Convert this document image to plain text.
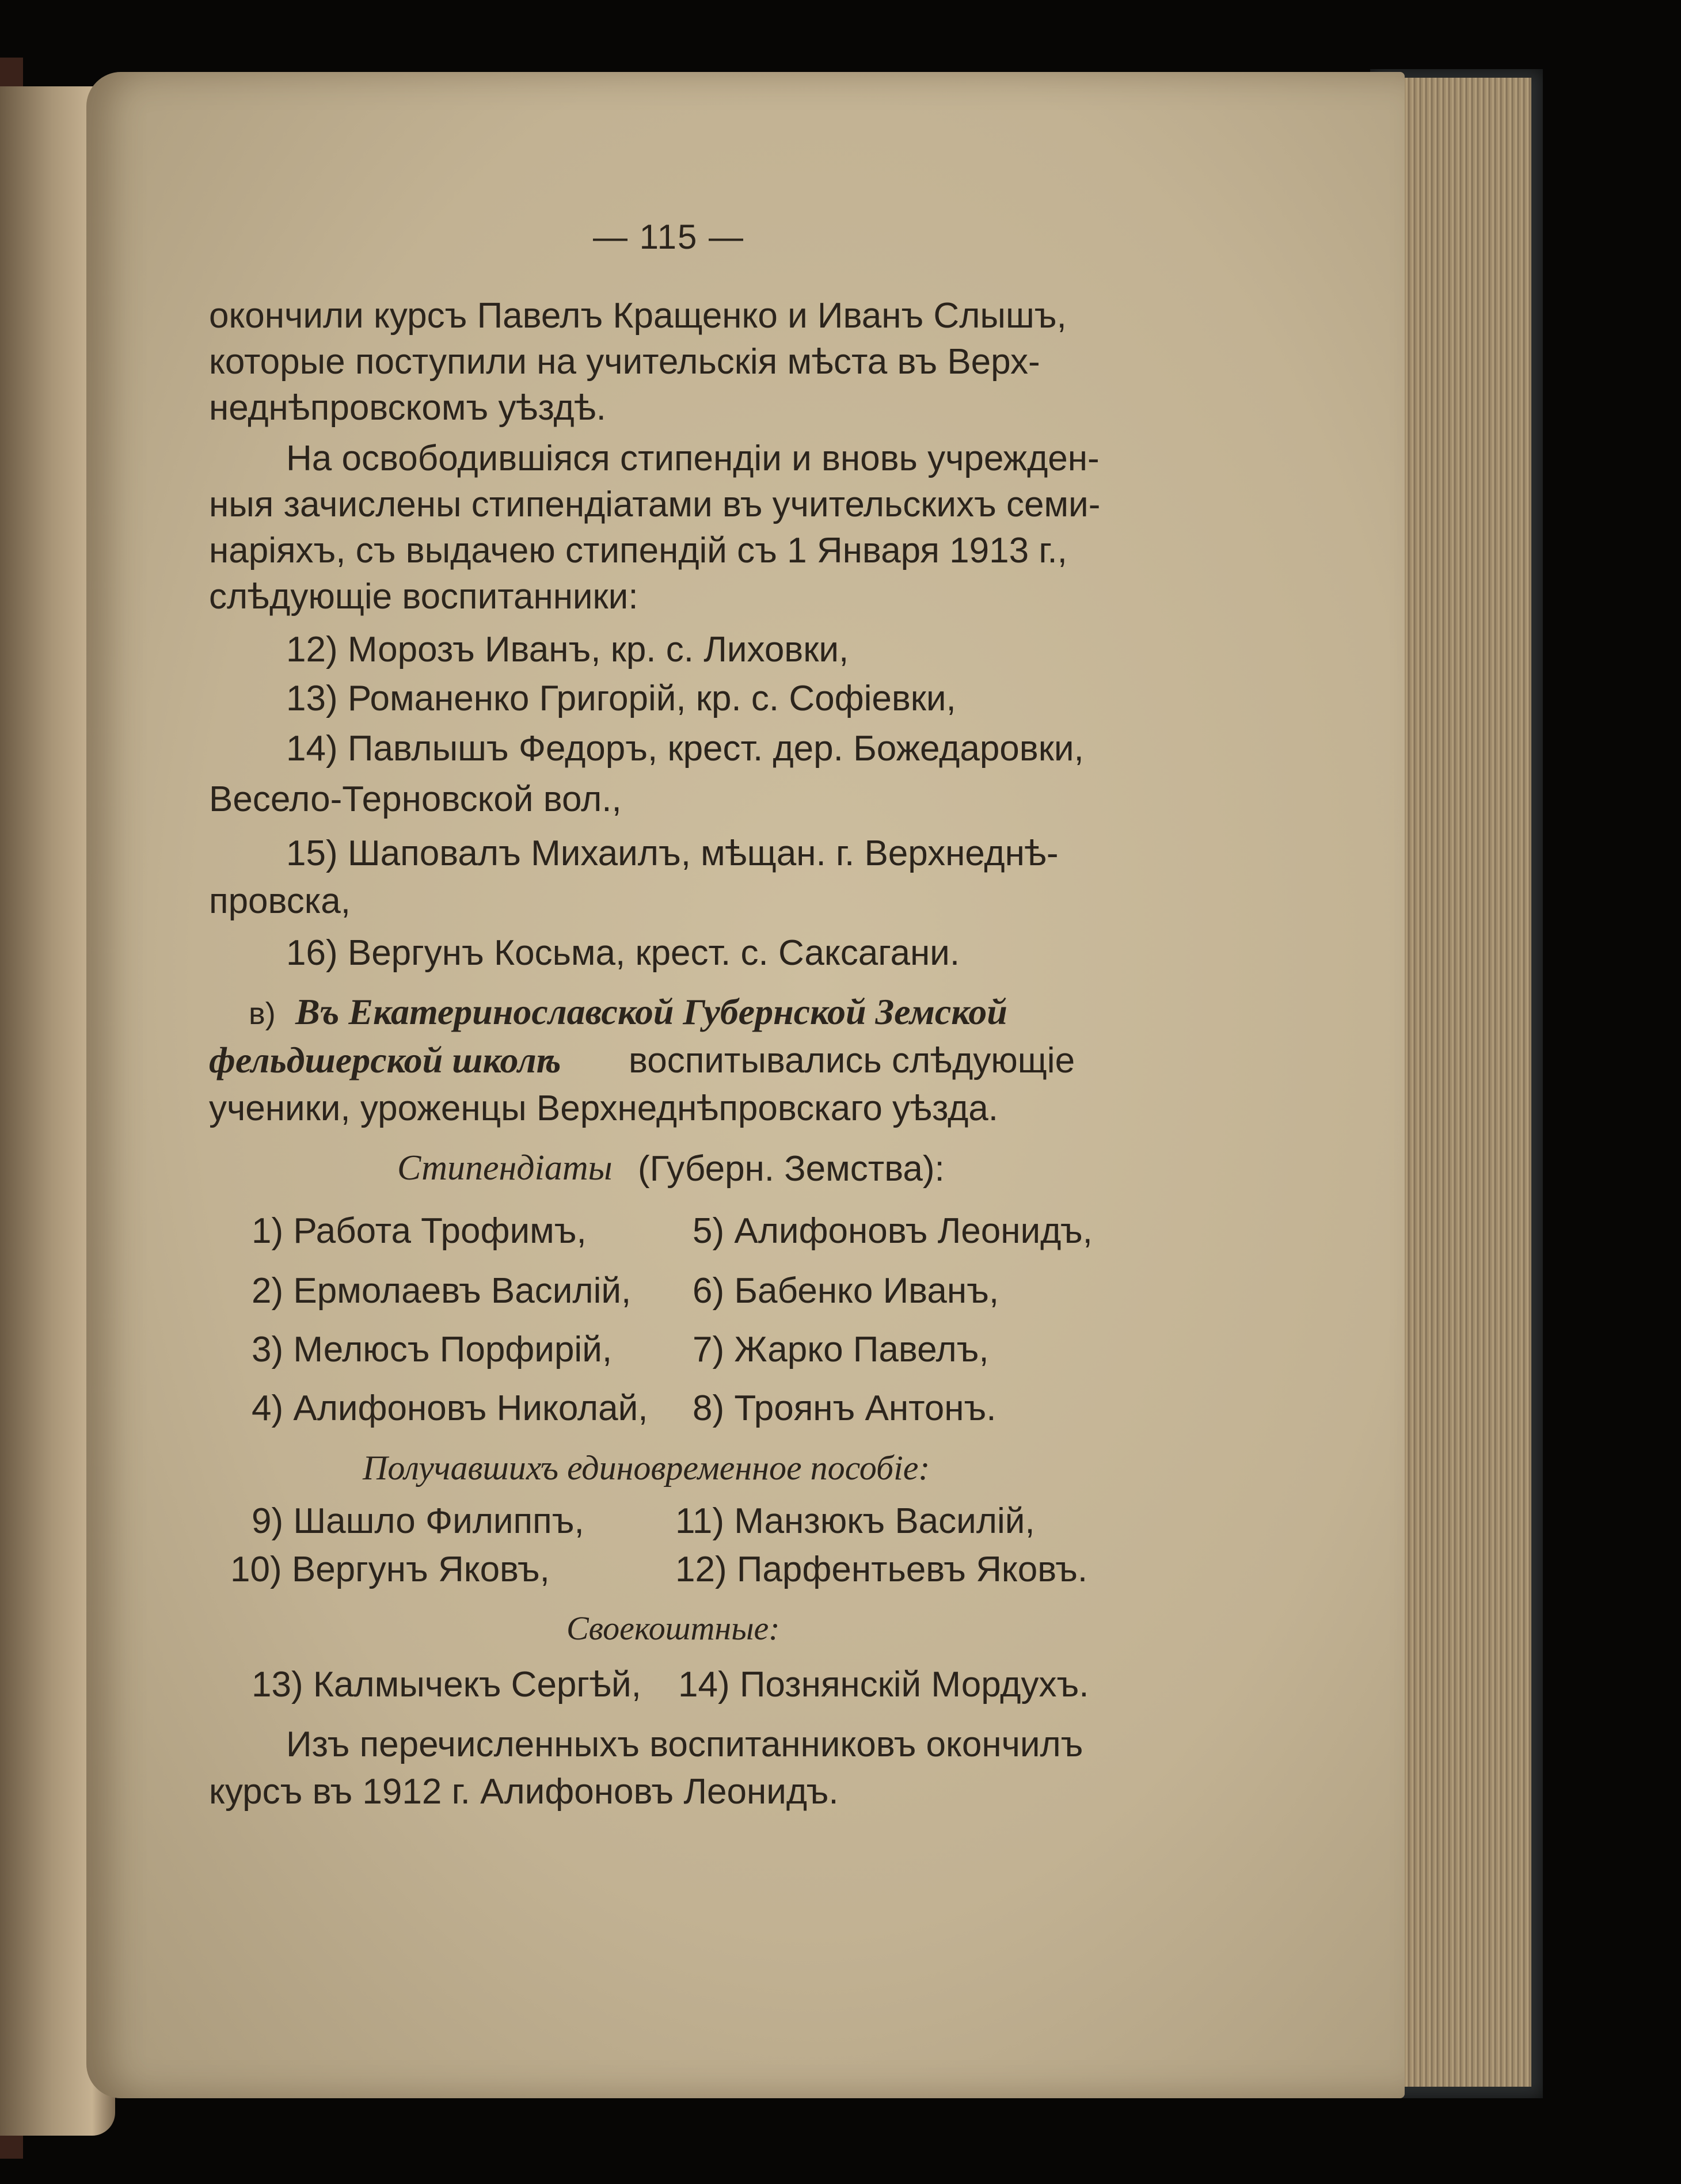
— 115 —
окончили курсъ Павелъ Кращенко и Иванъ Слышъ,
которые поступили на учительскія мѣста въ Верх-
неднѣпровскомъ уѣздѣ.
На освободившіяся стипендіи и вновь учрежден-
ныя зачислены стипендіатами въ учительскихъ семи-
наріяхъ, съ выдачею стипендій съ 1 Января 1913 г.,
слѣдующіе воспитанники:
12) Морозъ Иванъ, кр. с. Лиховки,
13) Романенко Григорій, кр. с. Софіевки,
14) Павлышъ Федоръ, крест. дер. Божедаровки,
Весело-Терновской вол.,
15) Шаповалъ Михаилъ, мѣщан. г. Верхнеднѣ-
провска,
16) Вергунъ Косьма, крест. с. Саксагани.
в) Въ Екатеринославской Губернской Земской
фельдшерской школѣ воспитывались слѣдующіе
ученики, уроженцы Верхнеднѣпровскаго уѣзда.
Стипендіаты (Губерн. Земства):
1) Работа Трофимъ,	5) Алифоновъ Леонидъ,
2) Ермолаевъ Василій, 6) Бабенко Иванъ,
3) Мелюсъ Порфирій, 7) Жарко Павелъ,
4) Алифоновъ Николай, 8) Троянъ Антонъ.
Получавшихъ единовременное пособіе:
9) Шашло Филиппъ,	11) Манзюкъ Василій,
10) Вергунъ Яковъ,	12) Парфентьевъ Яковъ.
Своекоштные:
13) Калмычекъ Сергѣй, 14) Познянскій Мордухъ.
Изъ перечисленныхъ воспитанниковъ окончилъ
курсъ въ 1912 г. Алифоновъ Леонидъ.
